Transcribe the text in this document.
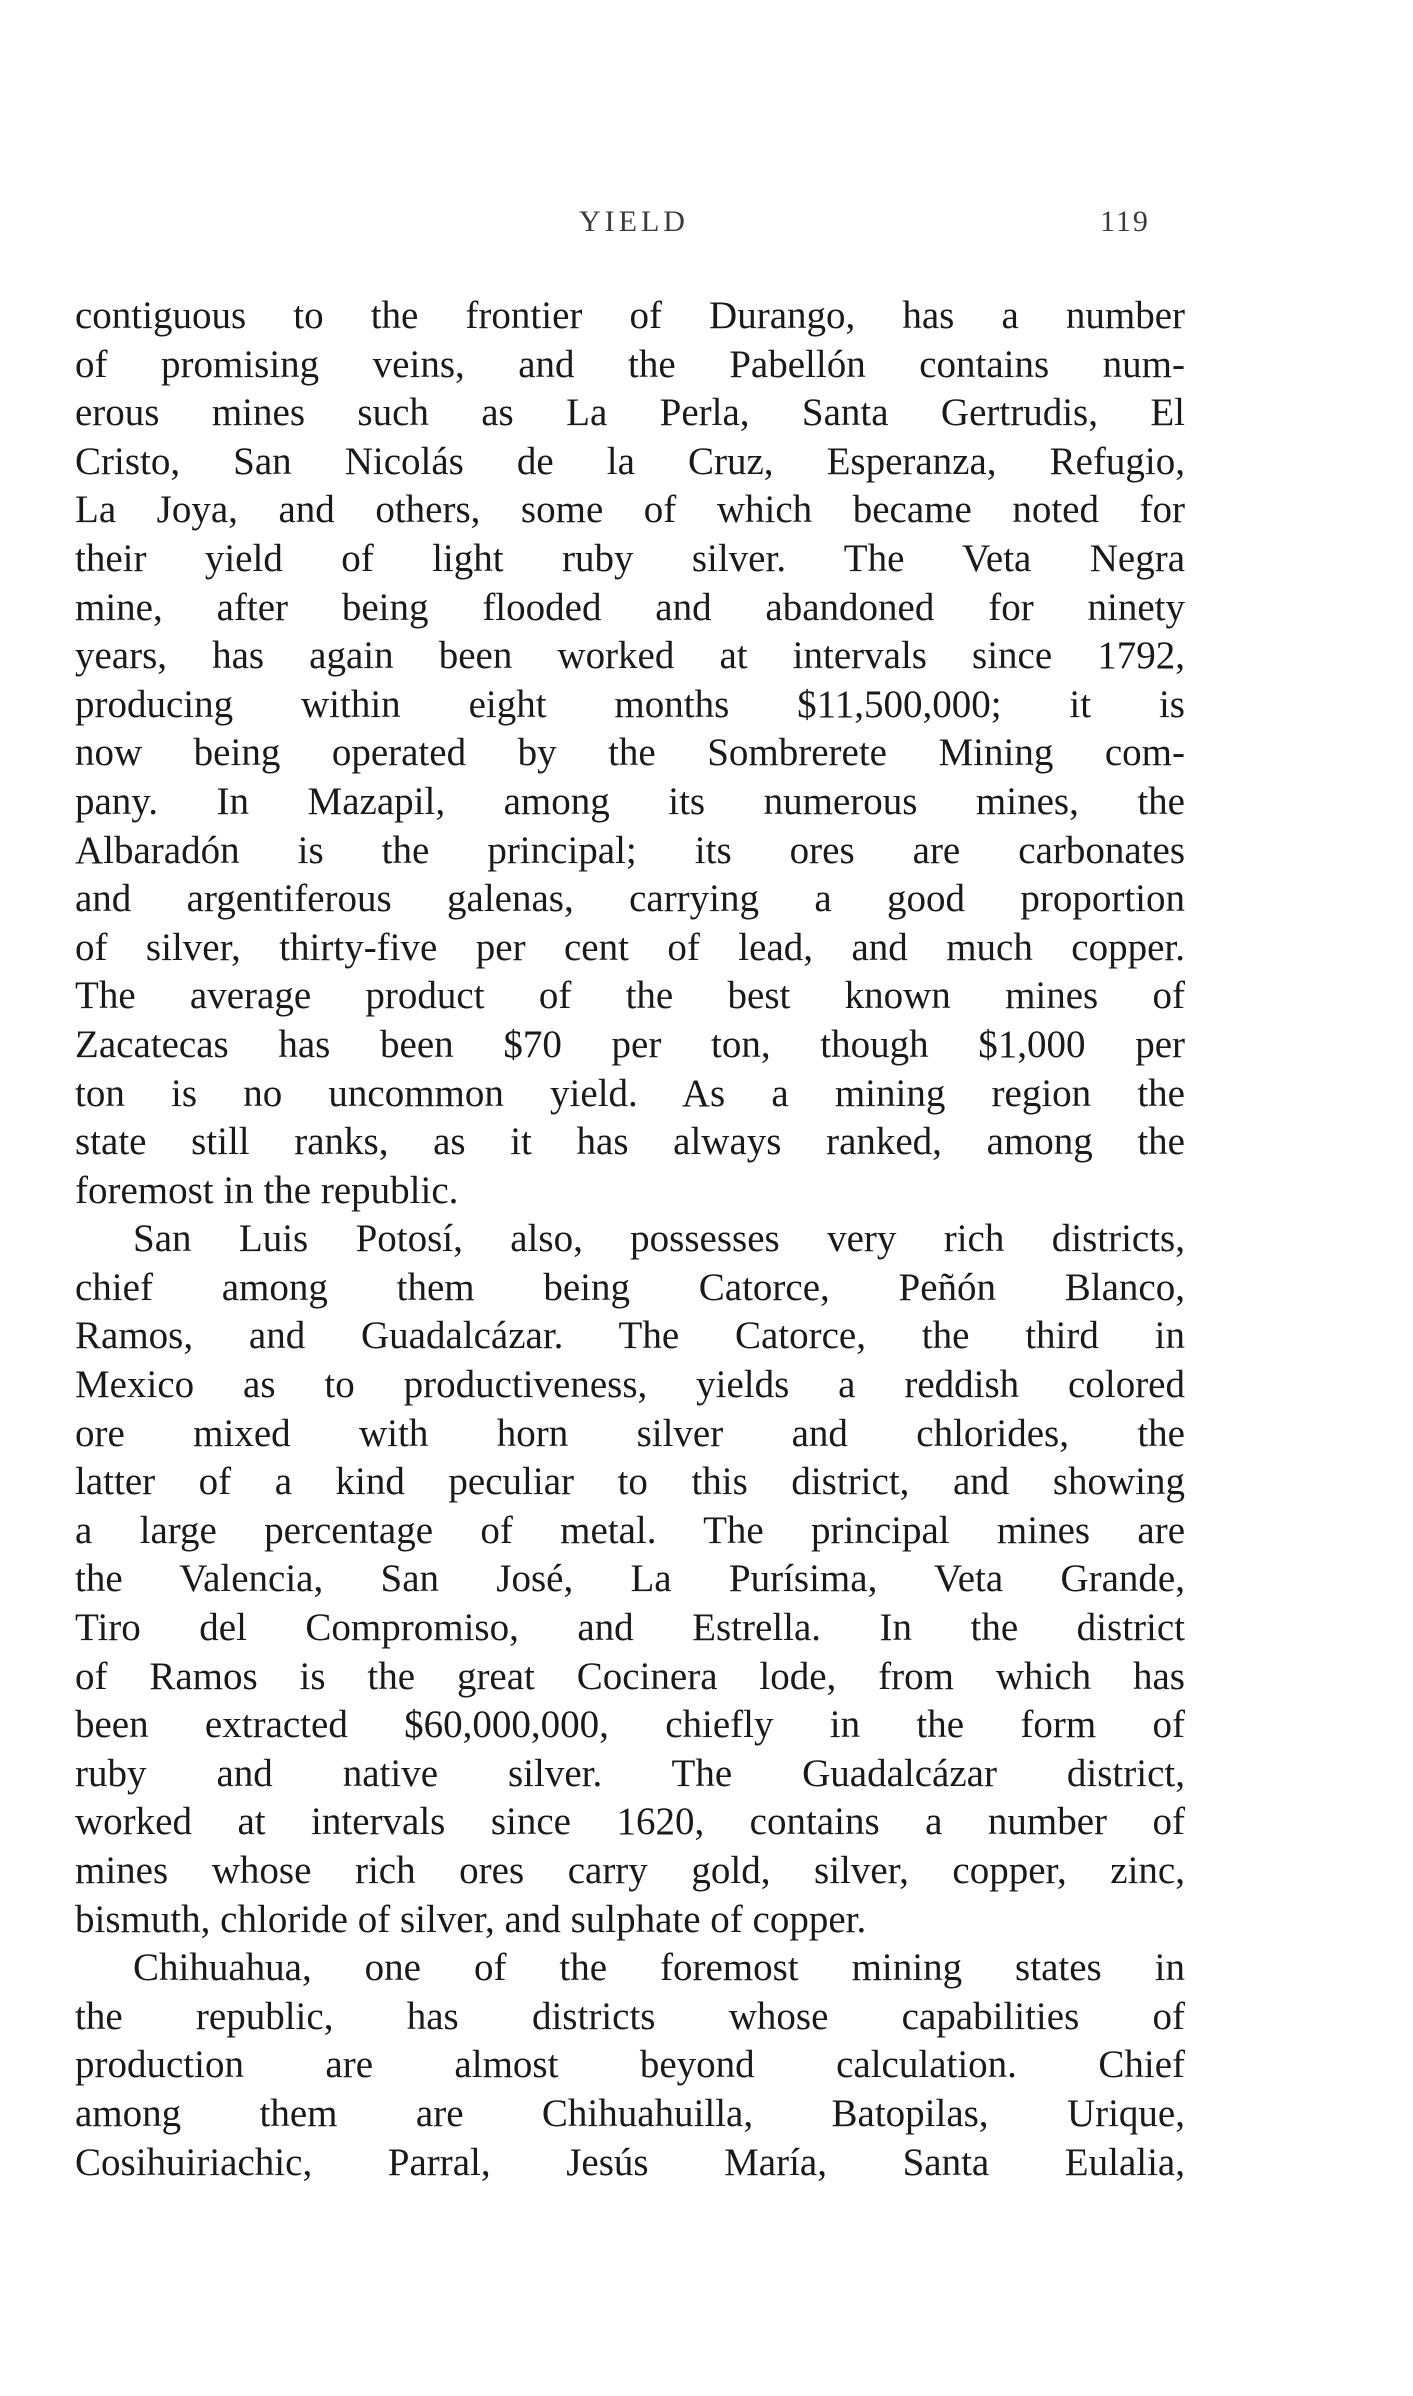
YIELD	119

contiguous to the frontier of Durango, has a number

of promising veins, and the Pabellón contains num-

erous mines such as La Perla, Santa Gertrudis, El

Cristo, San Nicolás de la Cruz, Esperanza, Refugio,

La Joya, and others, some of which became noted for

their yield of light ruby silver. The Veta Negra

mine, after being flooded and abandoned for ninety

years, has again been worked at intervals since 1792,

producing within eight months $11,500,000; it is

now being operated by the Sombrerete Mining com-

pany. In Mazapil, among its numerous mines, the

Albaradón is the principal; its ores are carbonates

and argentiferous galenas, carrying a good proportion

of silver, thirty-five per cent of lead, and much copper.

The average product of the best known mines of

Zacatecas has been $70 per ton, though $1,000 per

ton is no uncommon yield. As a mining region the

state still ranks, as it has always ranked, among the

foremost in the republic.

San Luis Potosí, also, possesses very rich districts,

chief among them being Catorce, Peñón Blanco,

Ramos, and Guadalcázar. The Catorce, the third in

Mexico as to productiveness, yields a reddish colored

ore mixed with horn silver and chlorides, the

latter of a kind peculiar to this district, and showing

a large percentage of metal. The principal mines are

the Valencia, San José, La Purísima, Veta Grande,

Tiro del Compromiso, and Estrella. In the district

of Ramos is the great Cocinera lode, from which has

been extracted $60,000,000, chiefly in the form of

ruby and native silver. The Guadalcázar district,

worked at intervals since 1620, contains a number of

mines whose rich ores carry gold, silver, copper, zinc,

bismuth, chloride of silver, and sulphate of copper.

Chihuahua, one of the foremost mining states in

the republic, has districts whose capabilities of

production are almost beyond calculation. Chief

among them are Chihuahuilla, Batopilas, Urique,

Cosihuiriachic, Parral, Jesús María, Santa Eulalia,
